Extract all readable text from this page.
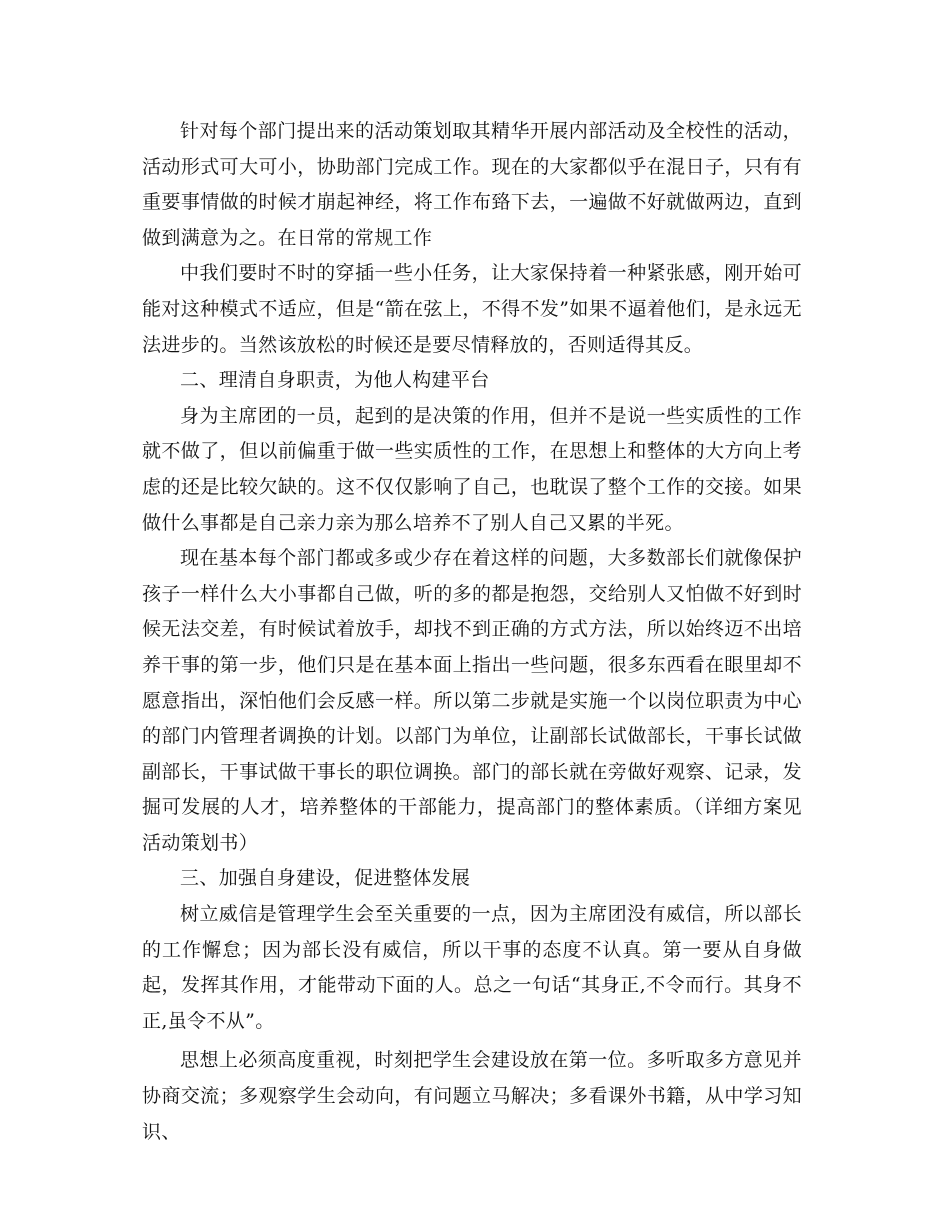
针对每个部门提出来的活动策划取其精华开展内部活动及全校性的活动，活动形式可大可小，协助部门完成工作。现在的大家都似乎在混日子，只有有重要事情做的时候才崩起神经，将工作布臵下去，一遍做不好就做两边，直到做到满意为之。在日常的常规工作

中我们要时不时的穿插一些小任务，让大家保持着一种紧张感，刚开始可能对这种模式不适应，但是“箭在弦上，不得不发”如果不逼着他们，是永远无法进步的。当然该放松的时候还是要尽情释放的，否则适得其反。

二、理清自身职责，为他人构建平台

身为主席团的一员，起到的是决策的作用，但并不是说一些实质性的工作就不做了，但以前偏重于做一些实质性的工作，在思想上和整体的大方向上考虑的还是比较欠缺的。这不仅仅影响了自己，也耽误了整个工作的交接。如果做什么事都是自己亲力亲为那么培养不了别人自己又累的半死。

现在基本每个部门都或多或少存在着这样的问题，大多数部长们就像保护孩子一样什么大小事都自己做，听的多的都是抱怨，交给别人又怕做不好到时候无法交差，有时候试着放手，却找不到正确的方式方法，所以始终迈不出培养干事的第一步，他们只是在基本面上指出一些问题，很多东西看在眼里却不愿意指出，深怕他们会反感一样。所以第二步就是实施一个以岗位职责为中心的部门内管理者调换的计划。以部门为单位，让副部长试做部长，干事长试做副部长，干事试做干事长的职位调换。部门的部长就在旁做好观察、记录，发掘可发展的人才，培养整体的干部能力，提高部门的整体素质。（详细方案见活动策划书）

三、加强自身建设，促进整体发展

树立威信是管理学生会至关重要的一点，因为主席团没有威信，所以部长的工作懈怠；因为部长没有威信，所以干事的态度不认真。第一要从自身做起，发挥其作用，才能带动下面的人。总之一句话“其身正,不令而行。其身不正,虽令不从”。

思想上必须高度重视，时刻把学生会建设放在第一位。多听取多方意见并协商交流；多观察学生会动向，有问题立马解决；多看课外书籍，从中学习知识、
